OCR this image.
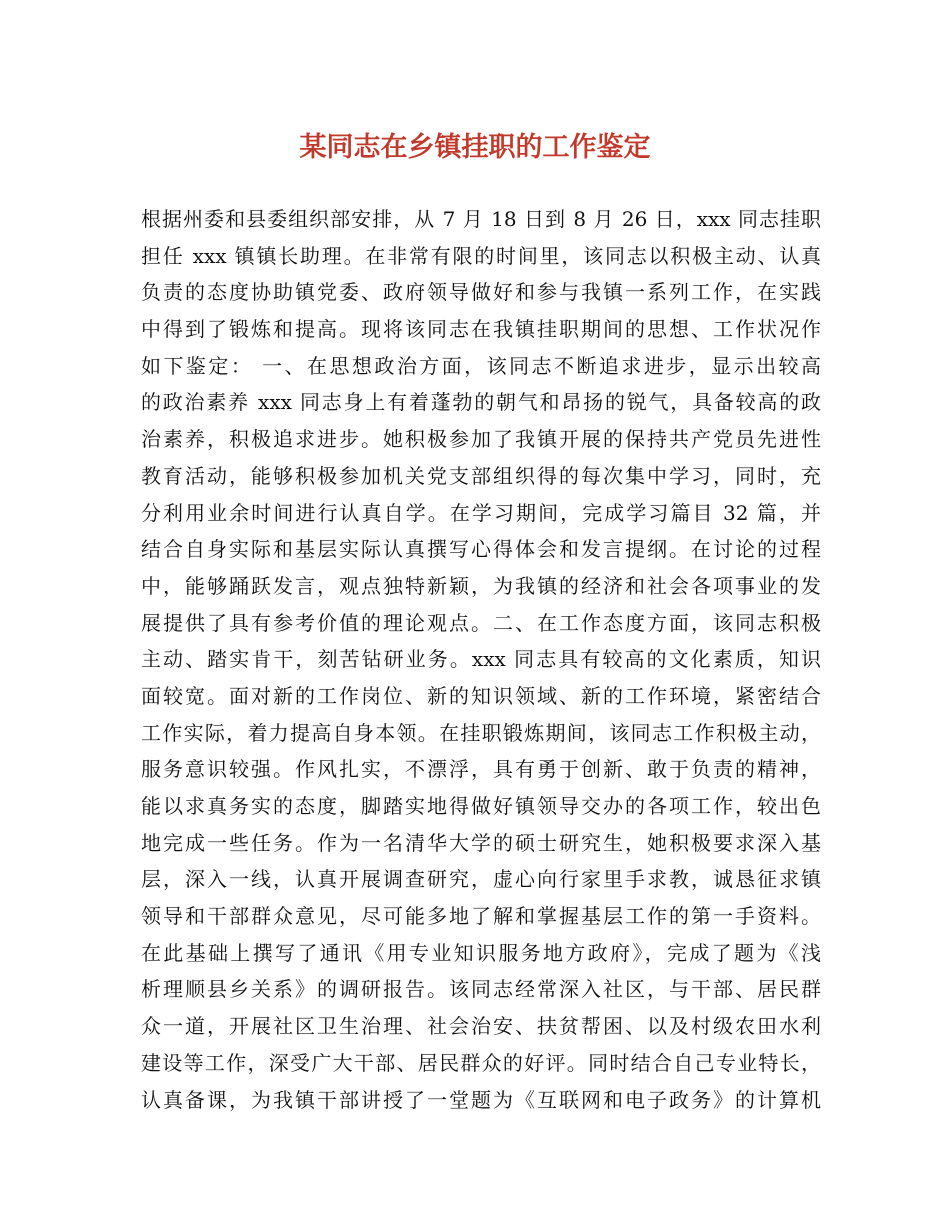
某同志在乡镇挂职的工作鉴定
根据州委和县委组织部安排，从 7 月 18 日到 8 月 26 日，xxx 同志挂职
担任 xxx 镇镇长助理。在非常有限的时间里，该同志以积极主动、认真
负责的态度协助镇党委、政府领导做好和参与我镇一系列工作，在实践
中得到了锻炼和提高。现将该同志在我镇挂职期间的思想、工作状况作
如下鉴定： 一、在思想政治方面，该同志不断追求进步，显示出较高
的政治素养 xxx 同志身上有着蓬勃的朝气和昂扬的锐气，具备较高的政
治素养，积极追求进步。她积极参加了我镇开展的保持共产党员先进性
教育活动，能够积极参加机关党支部组织得的每次集中学习，同时，充
分利用业余时间进行认真自学。在学习期间，完成学习篇目 32 篇，并
结合自身实际和基层实际认真撰写心得体会和发言提纲。在讨论的过程
中，能够踊跃发言，观点独特新颖，为我镇的经济和社会各项事业的发
展提供了具有参考价值的理论观点。二、在工作态度方面，该同志积极
主动、踏实肯干，刻苦钻研业务。xxx 同志具有较高的文化素质，知识
面较宽。面对新的工作岗位、新的知识领域、新的工作环境，紧密结合
工作实际，着力提高自身本领。在挂职锻炼期间，该同志工作积极主动，
服务意识较强。作风扎实，不漂浮，具有勇于创新、敢于负责的精神，
能以求真务实的态度，脚踏实地得做好镇领导交办的各项工作，较出色
地完成一些任务。作为一名清华大学的硕士研究生，她积极要求深入基
层，深入一线，认真开展调查研究，虚心向行家里手求教，诚恳征求镇
领导和干部群众意见，尽可能多地了解和掌握基层工作的第一手资料。
在此基础上撰写了通讯《用专业知识服务地方政府》，完成了题为《浅
析理顺县乡关系》的调研报告。该同志经常深入社区，与干部、居民群
众一道，开展社区卫生治理、社会治安、扶贫帮困、以及村级农田水利
建设等工作，深受广大干部、居民群众的好评。同时结合自己专业特长，
认真备课，为我镇干部讲授了一堂题为《互联网和电子政务》的计算机
